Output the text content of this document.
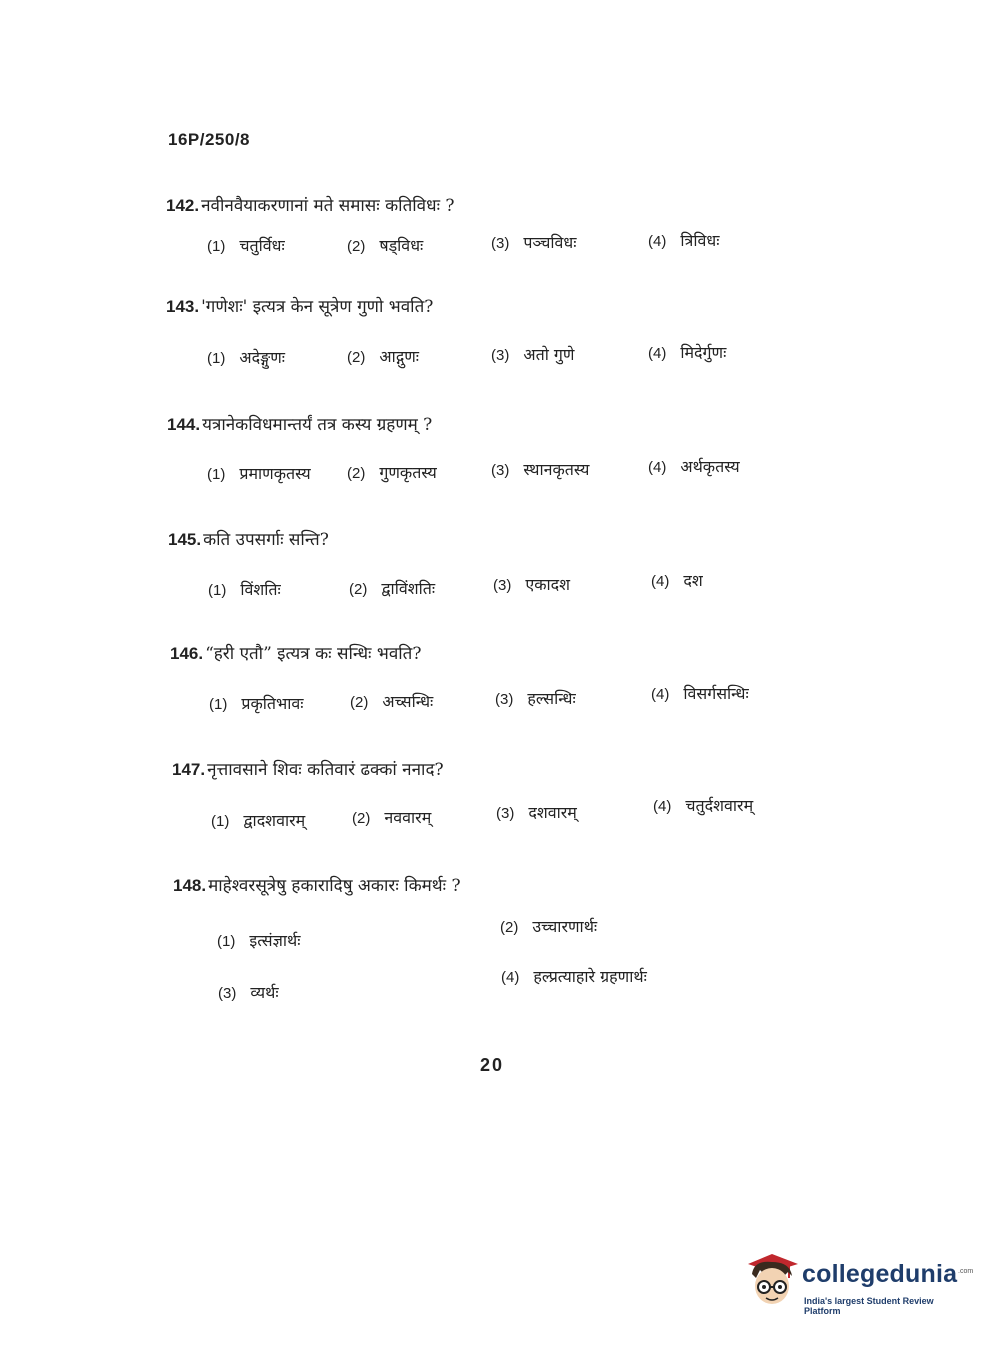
16P/250/8
142. नवीनवैयाकरणानां मते समासः कतिविधः ?
(1) चतुर्विधः	(2) षड्विधः	(3) पञ्चविधः	(4) त्रिविधः
143. 'गणेशः' इत्यत्र केन सूत्रेण गुणो भवति?
(1) अदेङ्गुणः	(2) आद्गुणः	(3) अतो गुणे	(4) मिदेर्गुणः
144. यत्रानेकविधमान्तर्यं तत्र कस्य ग्रहणम् ?
(1) प्रमाणकृतस्य (2) गुणकृतस्य	(3) स्थानकृतस्य	(4) अर्थकृतस्य
145. कति उपसर्गाः सन्ति?
(1) विंशतिः	(2) द्वाविंशतिः	(3) एकादश	(4) दश
146. “हरी एतौ” इत्यत्र कः सन्धिः भवति?
(1) प्रकृतिभावः	(2) अच्सन्धिः	(3) हल्सन्धिः	(4) विसर्गसन्धिः
147. नृत्तावसाने शिवः कतिवारं ढक्कां ननाद?
(1) द्वादशवारम्	(2) नववारम्	(3) दशवारम्	(4) चतुर्दशवारम्
148. माहेश्वरसूत्रेषु हकारादिषु अकारः किमर्थः ?
(1) इत्संज्ञार्थः
(2) उच्चारणार्थः
(3) व्यर्थः
(4) हल्प्रत्याहारे ग्रहणार्थः
20
collegedunia .com
India's largest Student Review Platform
